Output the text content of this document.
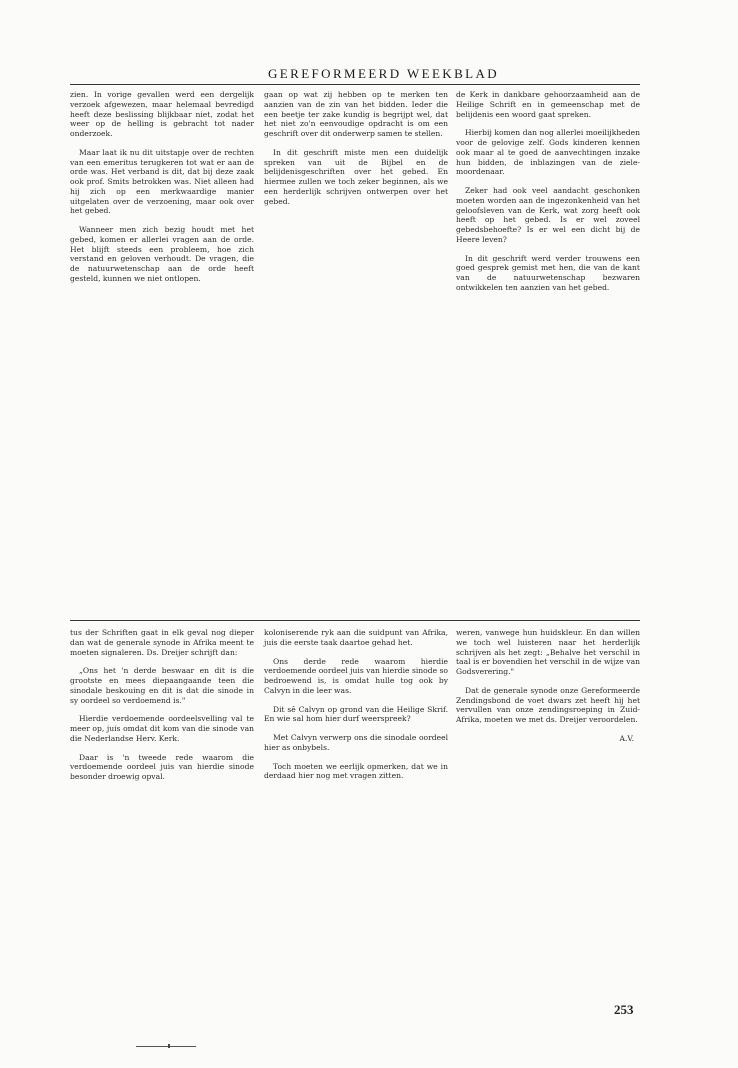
GEREFORMEERD WEEKBLAD

zien. In vorige gevallen werd een dergelijk verzoek afgewezen, maar helemaal bevredigd heeft deze beslissing blijkbaar niet, zodat het weer op de helling is gebracht tot nader onderzoek.

Maar laat ik nu dit uitstapje over de rechten van een emeritus terugkeren tot wat er aan de orde was. Het verband is dit, dat bij deze zaak ook prof. Smits betrokken was. Niet alleen had hij zich op een merkwaardige manier uitgelaten over de verzoening, maar ook over het gebed.

Wanneer men zich bezig houdt met het gebed, komen er allerlei vragen aan de orde. Het blijft steeds een probleem, hoe zich verstand en geloven verhoudt. De vragen, die de natuurwetenschap aan de orde heeft gesteld, kunnen we niet ontlopen.

gaan op wat zij hebben op te merken ten aanzien van de zin van het bidden. Ieder die een beetje ter zake kundig is begrijpt wel, dat het niet zo'n eenvoudige opdracht is om een geschrift over dit onderwerp samen te stellen.

In dit geschrift miste men een duidelijk spreken van uit de Bijbel en de belijdenisgeschriften over het gebed. En hiermee zullen we toch zeker beginnen, als we een herderlijk schrijven ontwerpen over het gebed.

de Kerk in dankbare gehoorzaamheid aan de Heilige Schrift en in gemeenschap met de belijdenis een woord gaat spreken.

Hierbij komen dan nog allerlei moeilijkheden voor de gelovige zelf. Gods kinderen kennen ook maar al te goed de aanvechtingen inzake hun bidden, de inblazingen van de ziele-moordenaar.

Zeker had ook veel aandacht geschonken moeten worden aan de ingezonkenheid van het geloofsleven van de Kerk, wat zorg heeft ook heeft op het gebed. Is er wel zoveel gebedsbehoefte? Is er wel een dicht bij de Heere leven?

In dit geschrift werd verder trouwens een goed gesprek gemist met hen, die van de kant van de natuurwetenschap bezwaren ontwikkelen ten aanzien van het gebed.

tus der Schriften gaat in elk geval nog dieper dan wat de generale synode in Afrika meent te moeten signaleren. Ds. Dreijer schrijft dan:

„Ons het 'n derde beswaar en dit is die grootste en mees diepaangaande teen die sinodale beskouing en dit is dat die sinode in sy oordeel so verdoemend is."

Hierdie verdoemende oordeelsvelling val te meer op, juis omdat dit kom van die sinode van die Nederlandse Herv. Kerk.

Daar is 'n tweede rede waarom die verdoemende oordeel juis van hierdie sinode besonder droewig opval.

koloniserende ryk aan die suidpunt van Afrika, juis die eerste taak daartoe gehad het.

Ons derde rede waarom hierdie verdoemende oordeel juis van hierdie sinode so bedroewend is, is omdat hulle tog ook by Calvyn in die leer was.

Dit sê Calvyn op grond van die Heilige Skrif. En wie sal hom hier durf weerspreek?

Met Calvyn verwerp ons die sinodale oordeel hier as onbybels.

Toch moeten we eerlijk opmerken, dat we in derdaad hier nog met vragen zitten.

weren, vanwege hun huidskleur. En dan willen we toch wel luisteren naar het herderlijk schrijven als het zegt: „Behalve het verschil in taal is er bovendien het verschil in de wijze van Godsverering."

Dat de generale synode onze Gereformeerde Zendingsbond de voet dwars zet heeft hij het vervullen van onze zendingsroeping in Zuid-Afrika, moeten we met ds. Dreijer veroordelen.

A.V.

253
